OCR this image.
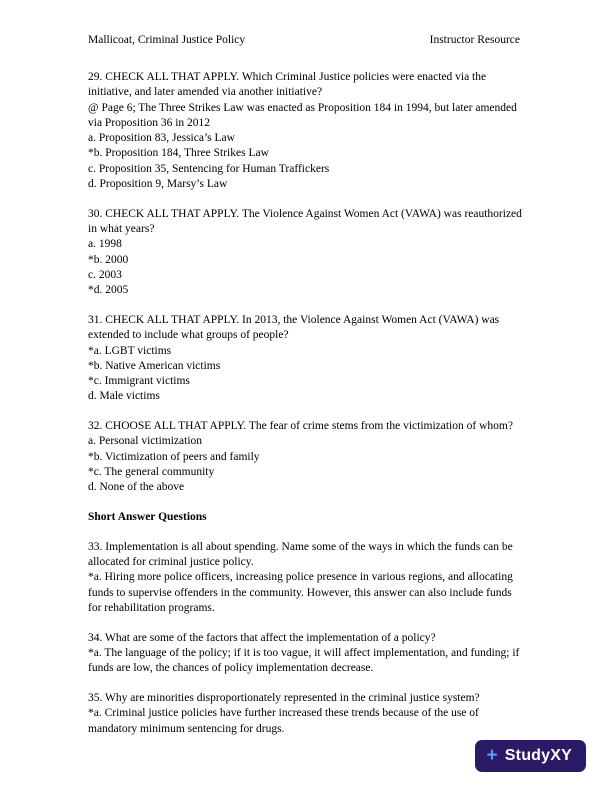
Mallicoat, Criminal Justice Policy	Instructor Resource

29. CHECK ALL THAT APPLY. Which Criminal Justice policies were enacted via the initiative, and later amended via another initiative?

@ Page 6; The Three Strikes Law was enacted as Proposition 184 in 1994, but later amended via Proposition 36 in 2012

a. Proposition 83, Jessica’s Law

*b. Proposition 184, Three Strikes Law

c. Proposition 35, Sentencing for Human Traffickers

d. Proposition 9, Marsy’s Law

30. CHECK ALL THAT APPLY. The Violence Against Women Act (VAWA) was reauthorized in what years?

a. 1998

*b. 2000

c. 2003

*d. 2005

31. CHECK ALL THAT APPLY. In 2013, the Violence Against Women Act (VAWA) was extended to include what groups of people?

*a. LGBT victims

*b. Native American victims

*c. Immigrant victims

d. Male victims

32. CHOOSE ALL THAT APPLY. The fear of crime stems from the victimization of whom?

a. Personal victimization

*b. Victimization of peers and family

*c. The general community

d. None of the above

Short Answer Questions

33. Implementation is all about spending. Name some of the ways in which the funds can be allocated for criminal justice policy.

*a. Hiring more police officers, increasing police presence in various regions, and allocating funds to supervise offenders in the community. However, this answer can also include funds for rehabilitation programs.

34. What are some of the factors that affect the implementation of a policy?

*a. The language of the policy; if it is too vague, it will affect implementation, and funding; if funds are low, the chances of policy implementation decrease.

35. Why are minorities disproportionately represented in the criminal justice system?

*a. Criminal justice policies have further increased these trends because of the use of mandatory minimum sentencing for drugs.

+ StudyXY
